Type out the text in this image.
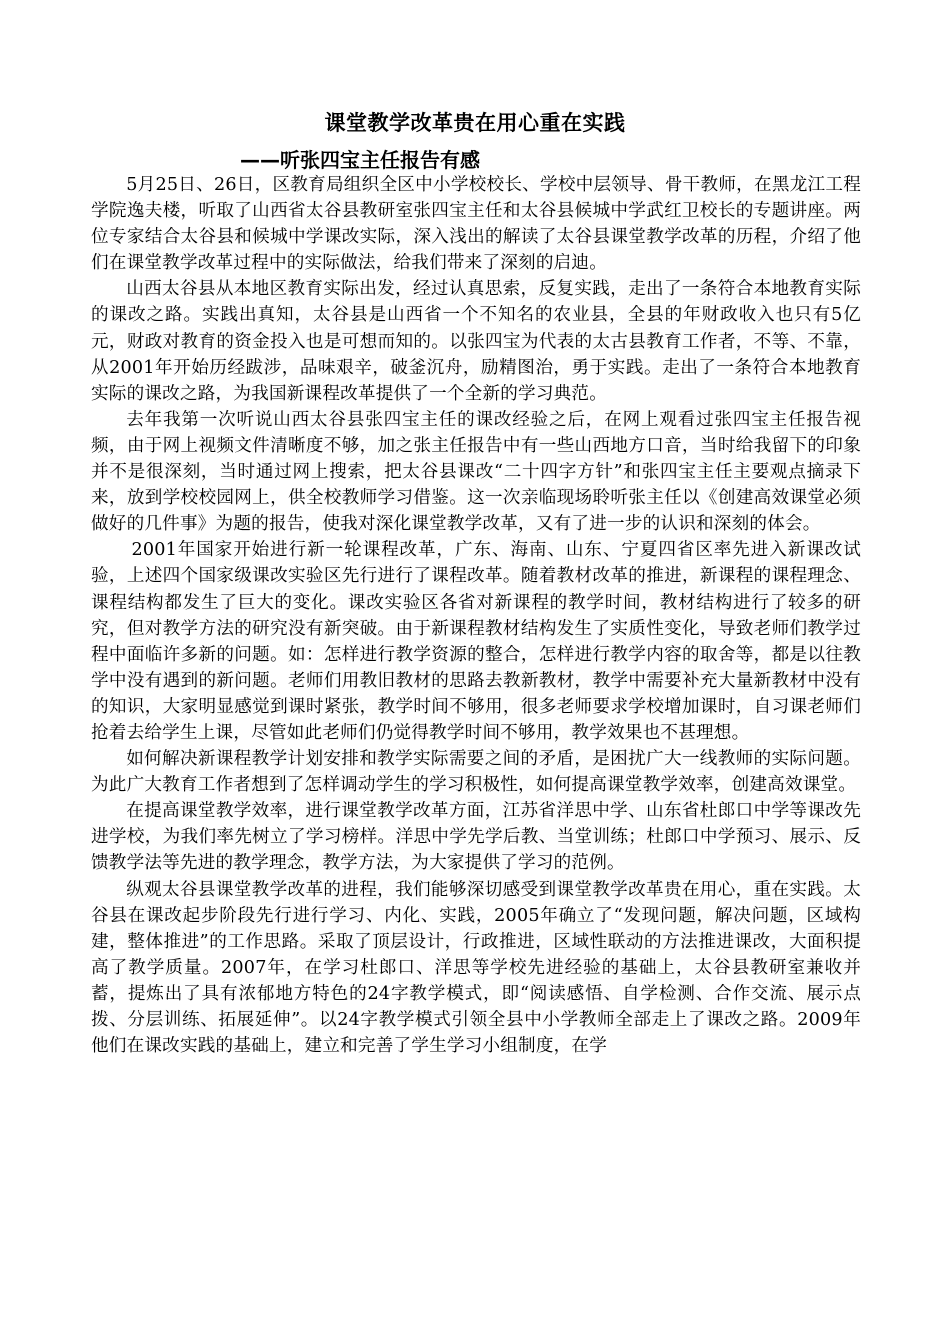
课堂教学改革贵在用心重在实践
——听张四宝主任报告有感

5月25日、26日，区教育局组织全区中小学校校长、学校中层领导、骨干教师，在黑龙江工程学院逸夫楼，听取了山西省太谷县教研室张四宝主任和太谷县候城中学武红卫校长的专题讲座。两位专家结合太谷县和候城中学课改实际，深入浅出的解读了太谷县课堂教学改革的历程，介绍了他们在课堂教学改革过程中的实际做法，给我们带来了深刻的启迪。

山西太谷县从本地区教育实际出发，经过认真思索，反复实践，走出了一条符合本地教育实际的课改之路。实践出真知，太谷县是山西省一个不知名的农业县，全县的年财政收入也只有5亿元，财政对教育的资金投入也是可想而知的。以张四宝为代表的太古县教育工作者，不等、不靠，从2001年开始历经跋涉，品味艰辛，破釜沉舟，励精图治，勇于实践。走出了一条符合本地教育实际的课改之路，为我国新课程改革提供了一个全新的学习典范。

去年我第一次听说山西太谷县张四宝主任的课改经验之后，在网上观看过张四宝主任报告视频，由于网上视频文件清晰度不够，加之张主任报告中有一些山西地方口音，当时给我留下的印象并不是很深刻，当时通过网上搜索，把太谷县课改“二十四字方针”和张四宝主任主要观点摘录下来，放到学校校园网上，供全校教师学习借鉴。这一次亲临现场聆听张主任以《创建高效课堂必须做好的几件事》为题的报告，使我对深化课堂教学改革，又有了进一步的认识和深刻的体会。

2001年国家开始进行新一轮课程改革，广东、海南、山东、宁夏四省区率先进入新课改试验，上述四个国家级课改实验区先行进行了课程改革。随着教材改革的推进，新课程的课程理念、课程结构都发生了巨大的变化。课改实验区各省对新课程的教学时间，教材结构进行了较多的研究，但对教学方法的研究没有新突破。由于新课程教材结构发生了实质性变化，导致老师们教学过程中面临许多新的问题。如：怎样进行教学资源的整合，怎样进行教学内容的取舍等，都是以往教学中没有遇到的新问题。老师们用教旧教材的思路去教新教材，教学中需要补充大量新教材中没有的知识，大家明显感觉到课时紧张，教学时间不够用，很多老师要求学校增加课时，自习课老师们抢着去给学生上课，尽管如此老师们仍觉得教学时间不够用，教学效果也不甚理想。

如何解决新课程教学计划安排和教学实际需要之间的矛盾，是困扰广大一线教师的实际问题。为此广大教育工作者想到了怎样调动学生的学习积极性，如何提高课堂教学效率，创建高效课堂。

在提高课堂教学效率，进行课堂教学改革方面，江苏省洋思中学、山东省杜郎口中学等课改先进学校，为我们率先树立了学习榜样。洋思中学先学后教、当堂训练；杜郎口中学预习、展示、反馈教学法等先进的教学理念，教学方法，为大家提供了学习的范例。

纵观太谷县课堂教学改革的进程，我们能够深切感受到课堂教学改革贵在用心，重在实践。太谷县在课改起步阶段先行进行学习、内化、实践，2005年确立了“发现问题，解决问题，区域构建，整体推进”的工作思路。采取了顶层设计，行政推进，区域性联动的方法推进课改，大面积提高了教学质量。2007年，在学习杜郎口、洋思等学校先进经验的基础上，太谷县教研室兼收并蓄，提炼出了具有浓郁地方特色的24字教学模式，即“阅读感悟、自学检测、合作交流、展示点拨、分层训练、拓展延伸”。以24字教学模式引领全县中小学教师全部走上了课改之路。2009年他们在课改实践的基础上，建立和完善了学生学习小组制度，在学
